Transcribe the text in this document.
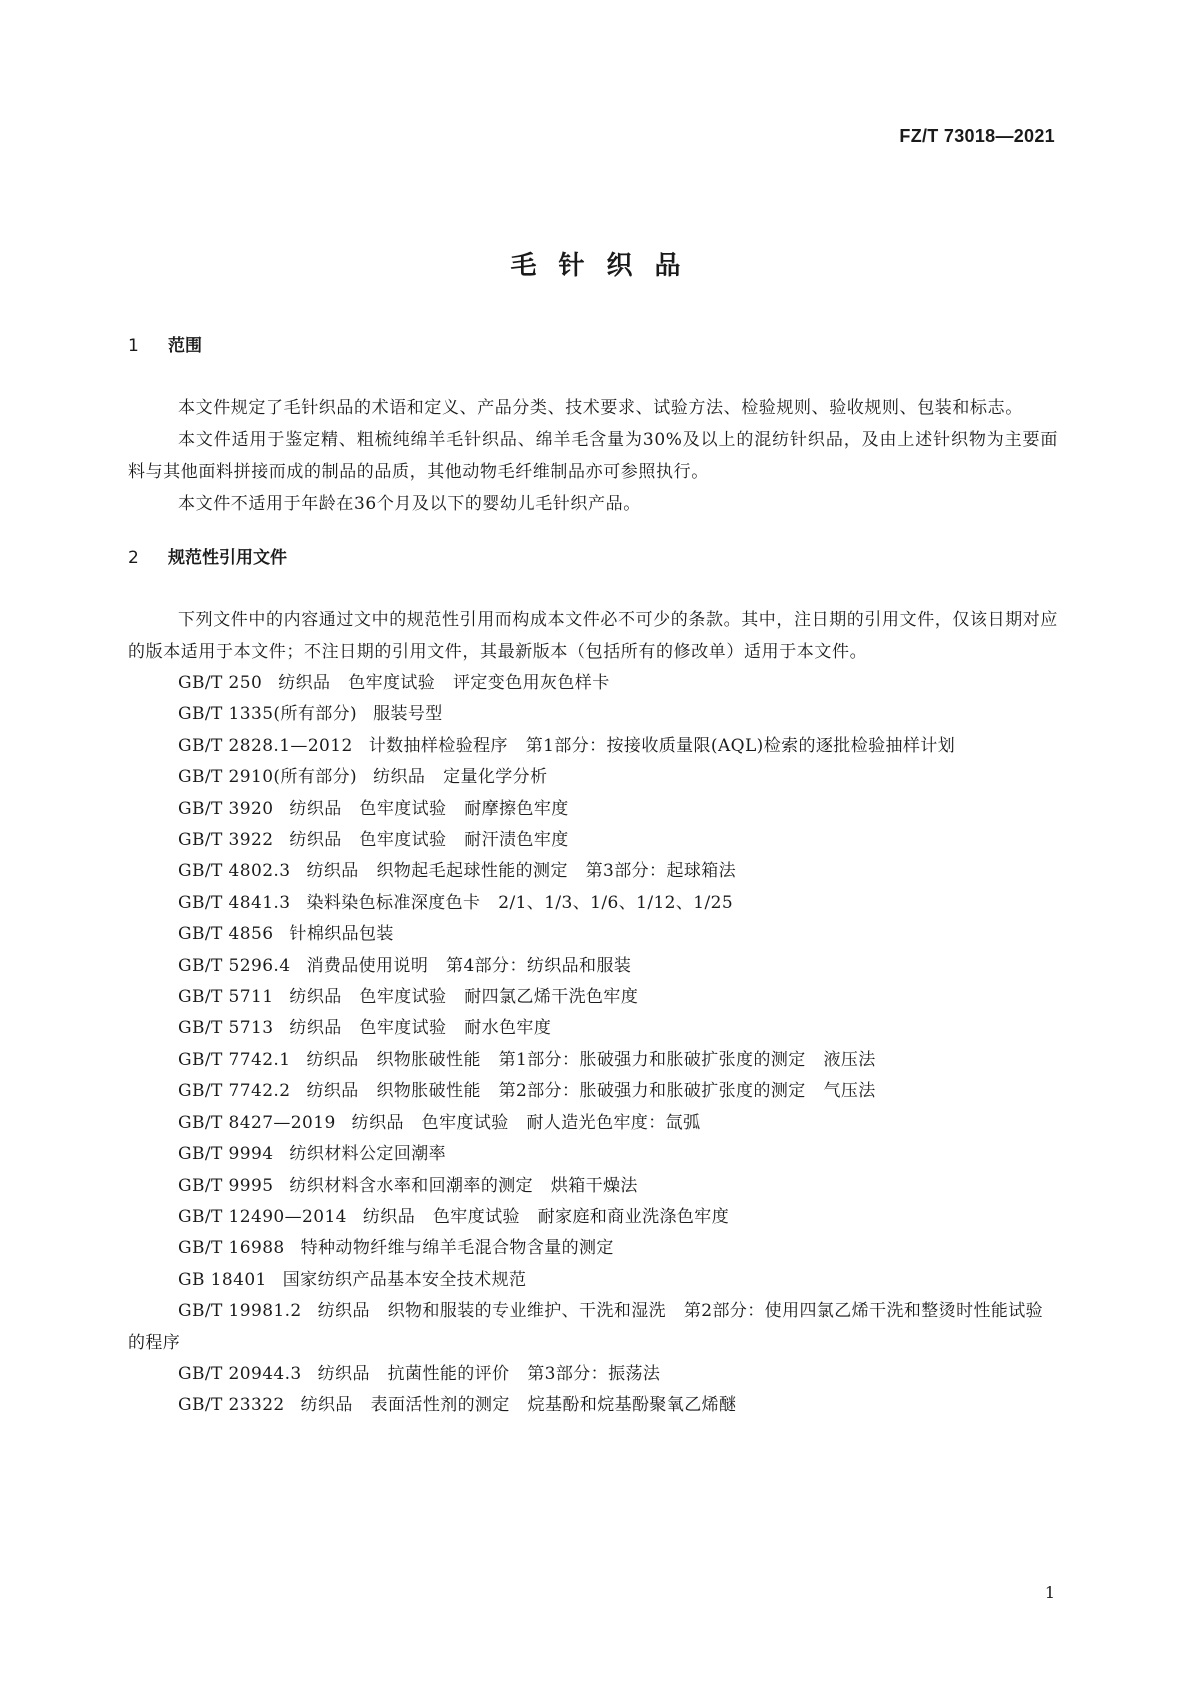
FZ/T 73018—2021
毛针织品
1 范围

本文件规定了毛针织品的术语和定义、产品分类、技术要求、试验方法、检验规则、验收规则、包装和标志。

本文件适用于鉴定精、粗梳纯绵羊毛针织品、绵羊毛含量为30%及以上的混纺针织品，及由上述针织物为主要面料与其他面料拼接而成的制品的品质，其他动物毛纤维制品亦可参照执行。

本文件不适用于年龄在36个月及以下的婴幼儿毛针织产品。

2 规范性引用文件

下列文件中的内容通过文中的规范性引用而构成本文件必不可少的条款。其中，注日期的引用文件，仅该日期对应的版本适用于本文件；不注日期的引用文件，其最新版本（包括所有的修改单）适用于本文件。

GB/T 250 纺织品 色牢度试验 评定变色用灰色样卡
GB/T 1335(所有部分) 服装号型
GB/T 2828.1—2012 计数抽样检验程序 第1部分：按接收质量限(AQL)检索的逐批检验抽样计划
GB/T 2910(所有部分) 纺织品 定量化学分析
GB/T 3920 纺织品 色牢度试验 耐摩擦色牢度
GB/T 3922 纺织品 色牢度试验 耐汗渍色牢度
GB/T 4802.3 纺织品 织物起毛起球性能的测定 第3部分：起球箱法
GB/T 4841.3 染料染色标准深度色卡 2/1、1/3、1/6、1/12、1/25
GB/T 4856 针棉织品包装
GB/T 5296.4 消费品使用说明 第4部分：纺织品和服装
GB/T 5711 纺织品 色牢度试验 耐四氯乙烯干洗色牢度
GB/T 5713 纺织品 色牢度试验 耐水色牢度
GB/T 7742.1 纺织品 织物胀破性能 第1部分：胀破强力和胀破扩张度的测定 液压法
GB/T 7742.2 纺织品 织物胀破性能 第2部分：胀破强力和胀破扩张度的测定 气压法
GB/T 8427—2019 纺织品 色牢度试验 耐人造光色牢度：氙弧
GB/T 9994 纺织材料公定回潮率
GB/T 9995 纺织材料含水率和回潮率的测定 烘箱干燥法
GB/T 12490—2014 纺织品 色牢度试验 耐家庭和商业洗涤色牢度
GB/T 16988 特种动物纤维与绵羊毛混合物含量的测定
GB 18401 国家纺织产品基本安全技术规范
GB/T 19981.2 纺织品 织物和服装的专业维护、干洗和湿洗 第2部分：使用四氯乙烯干洗和整烫时性能试验的程序
GB/T 20944.3 纺织品 抗菌性能的评价 第3部分：振荡法
GB/T 23322 纺织品 表面活性剂的测定 烷基酚和烷基酚聚氧乙烯醚
1
